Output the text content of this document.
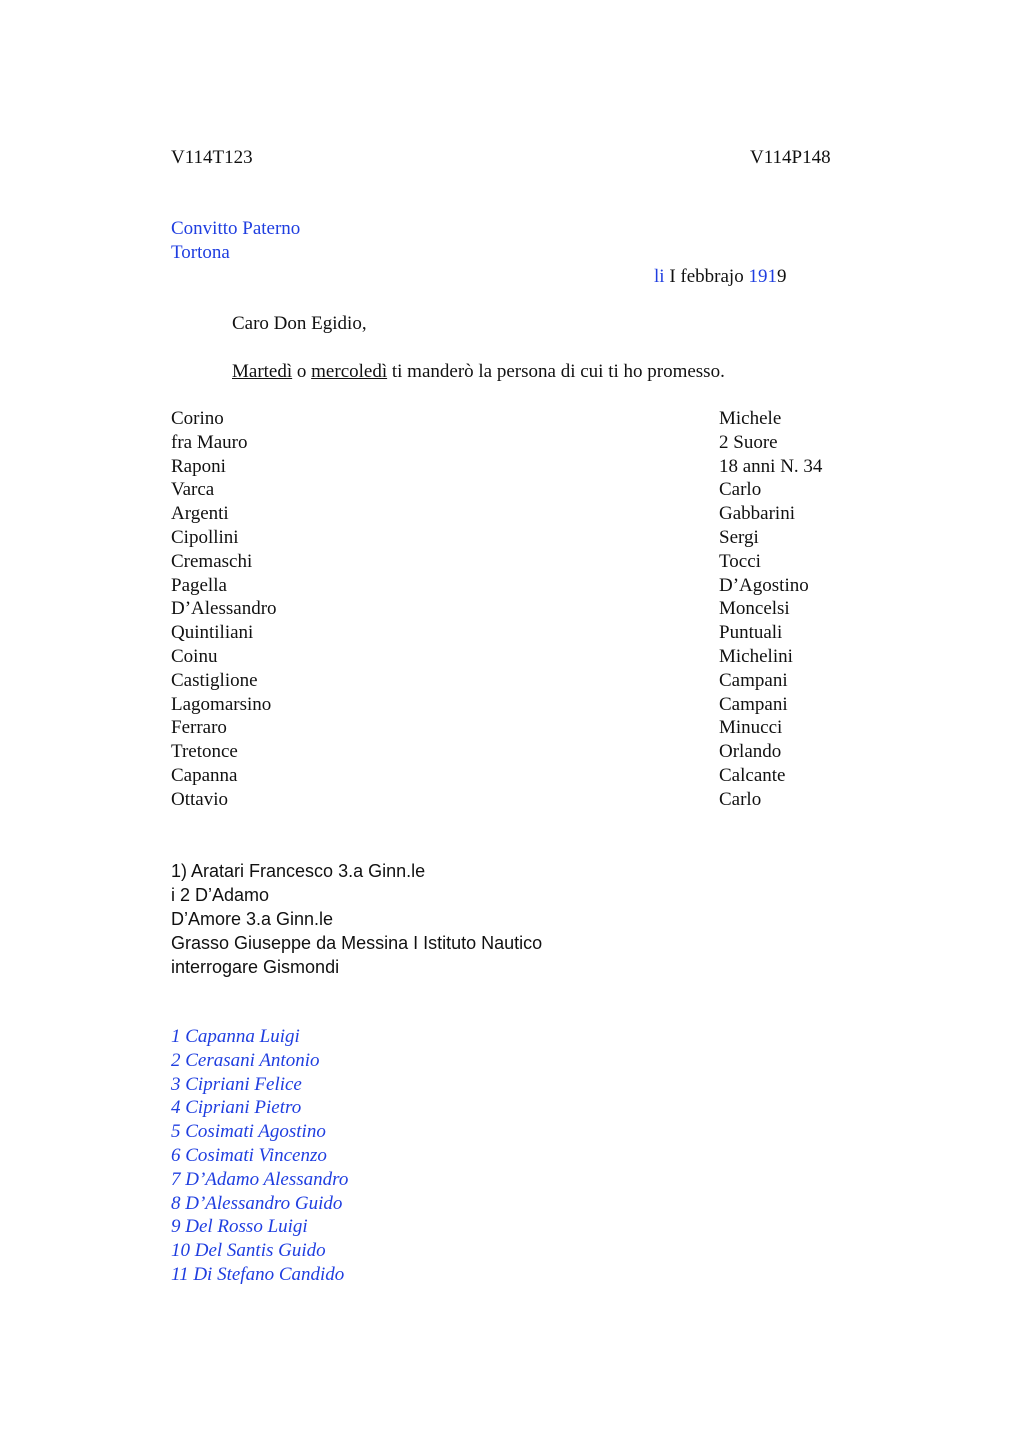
V114T123	V114P148
Convitto Paterno
Tortona
li I febbrajo 1919
Caro Don Egidio,
Martedì o mercoledì ti manderò la persona di cui ti ho promesso.
Corino
fra Mauro
Raponi
Varca
Argenti
Cipollini
Cremaschi
Pagella
D’Alessandro
Quintiliani
Coinu
Castiglione
Lagomarsino
Ferraro
Tretonce
Capanna
Ottavio
Michele
2 Suore
18 anni N. 34
Carlo
Gabbarini
Sergi
Tocci
D’Agostino
Moncelsi
Puntuali
Michelini
Campani
Campani
Minucci
Orlando
Calcante
Carlo
1) Aratari Francesco 3.a Ginn.le
i 2 D’Adamo
D’Amore 3.a Ginn.le
Grasso Giuseppe da Messina I Istituto Nautico
interrogare Gismondi
1 Capanna Luigi
2 Cerasani Antonio
3 Cipriani Felice
4 Cipriani Pietro
5 Cosimati Agostino
6 Cosimati Vincenzo
7 D’Adamo Alessandro
8 D’Alessandro Guido
9 Del Rosso Luigi
10 Del Santis Guido
11 Di Stefano Candido
